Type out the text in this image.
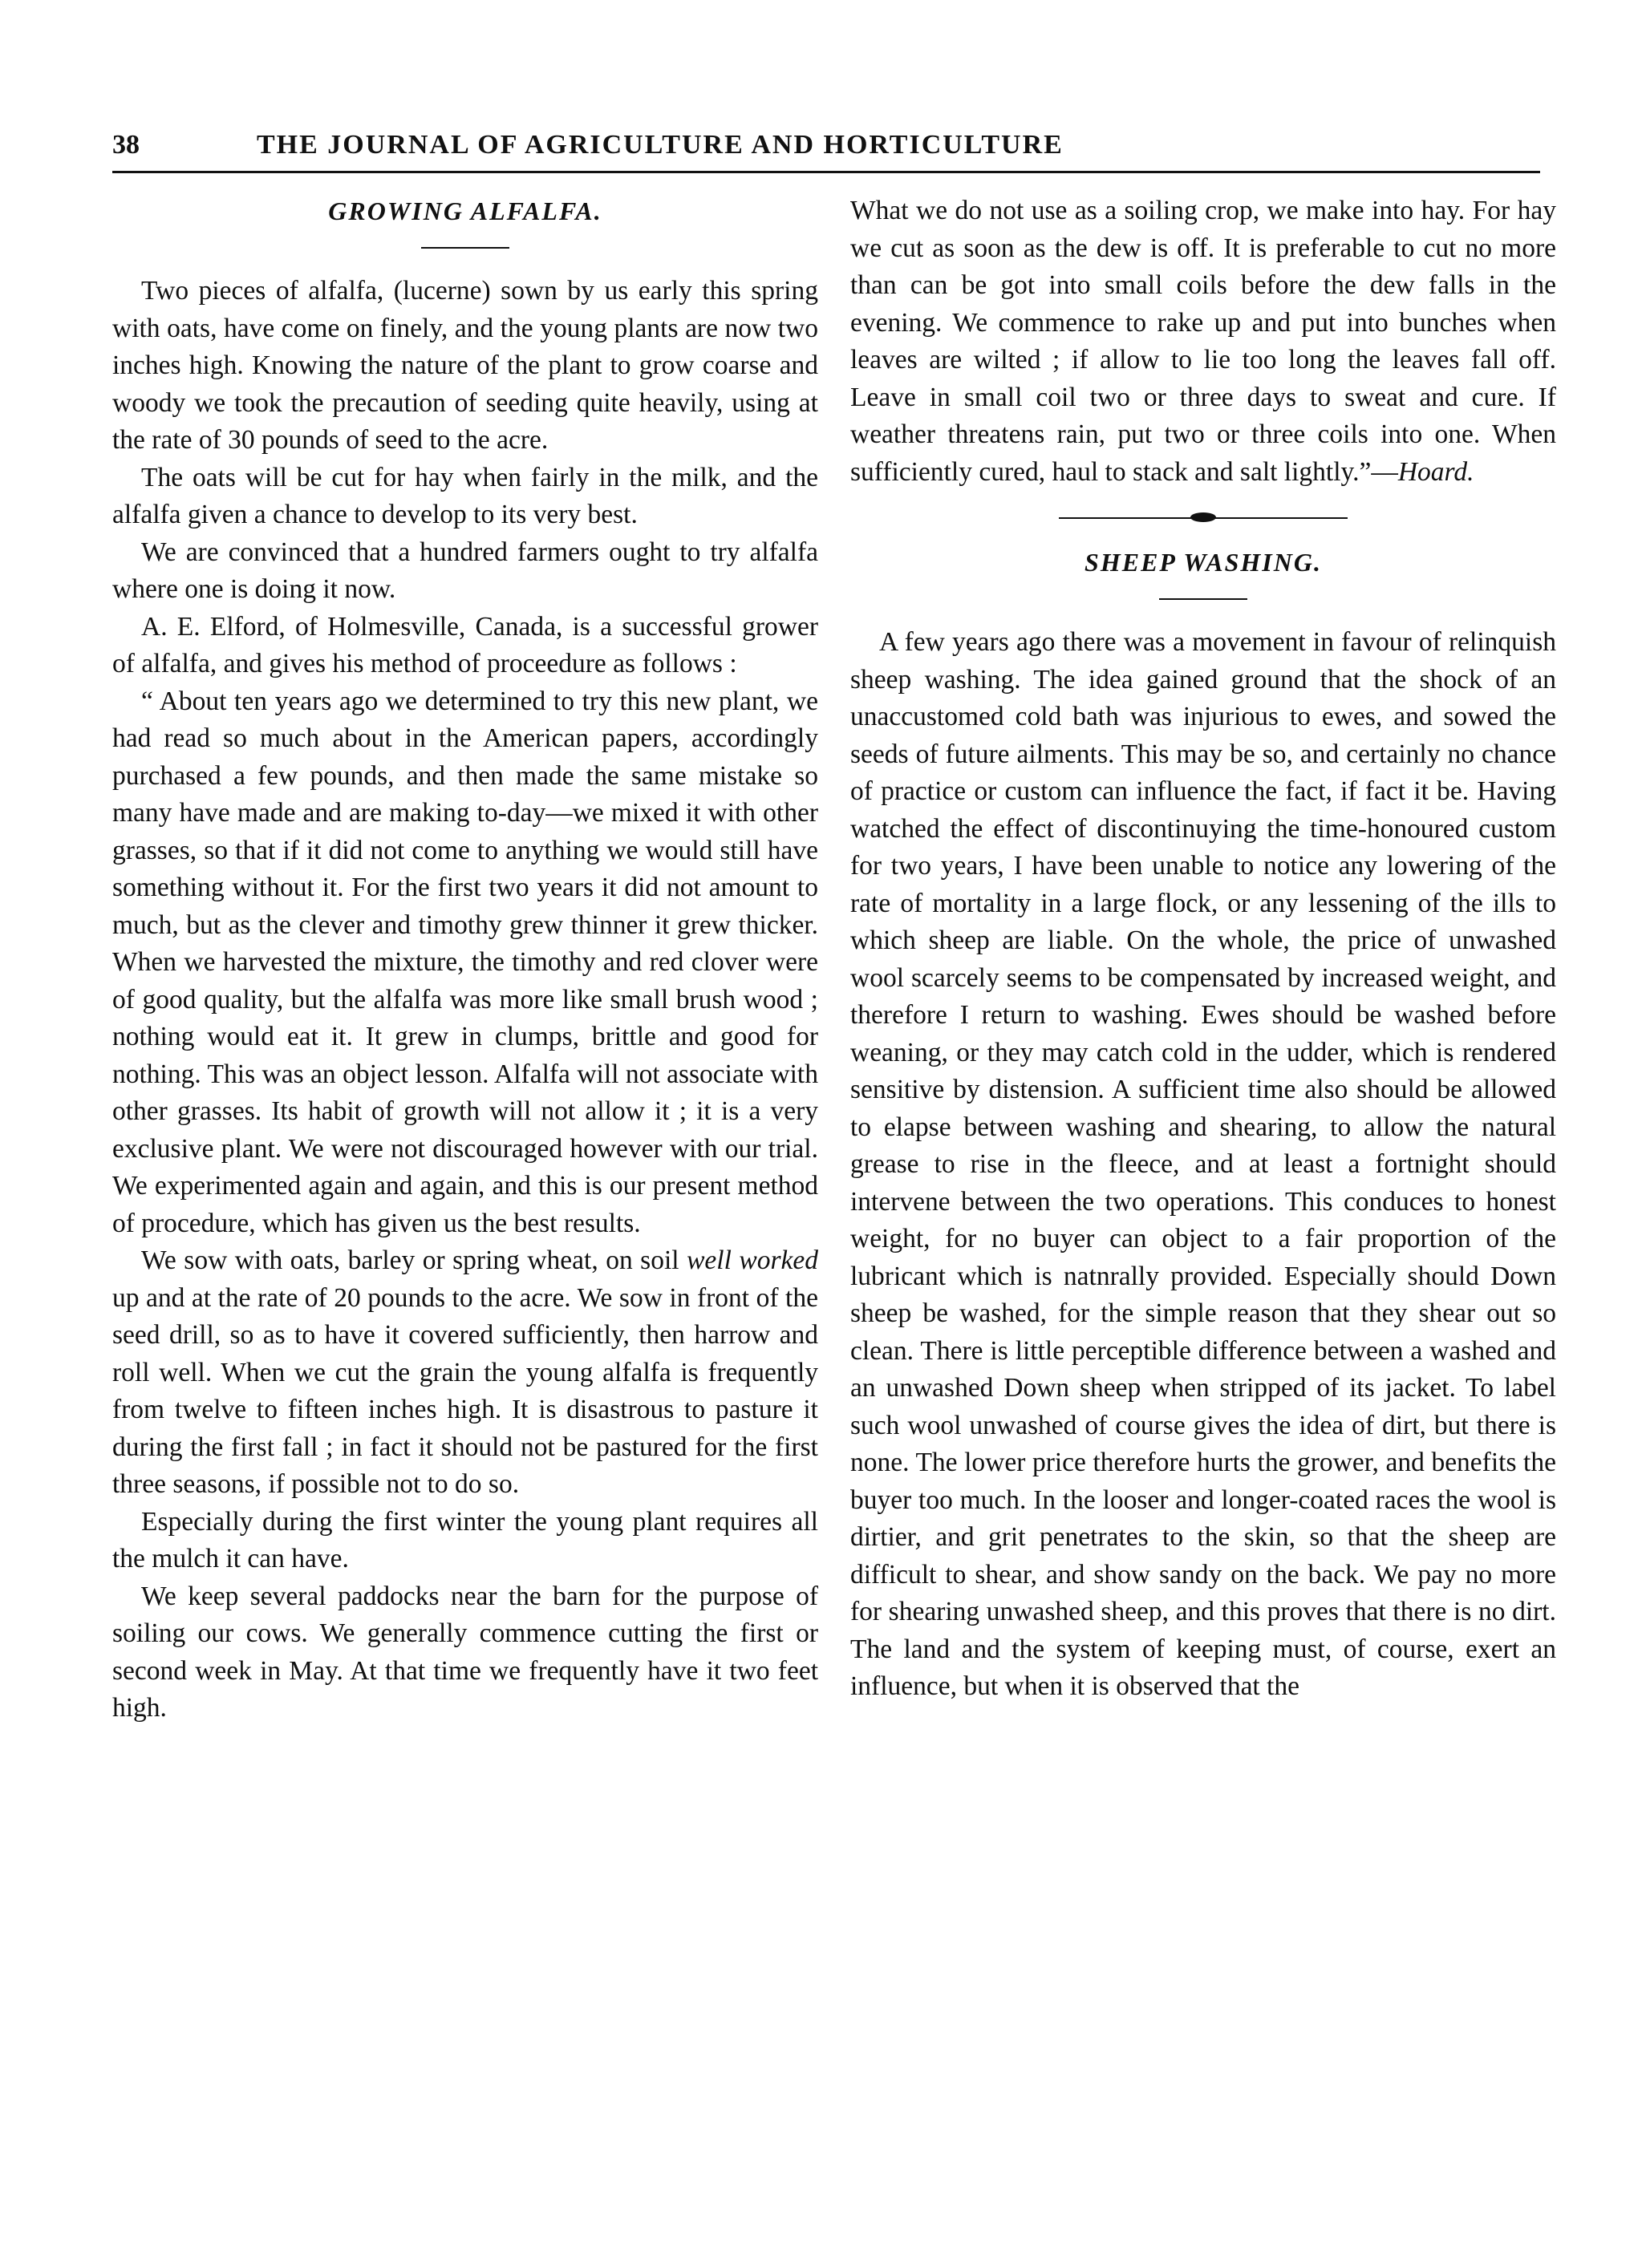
38	THE JOURNAL OF AGRICULTURE AND HORTICULTURE
GROWING ALFALFA.

Two pieces of alfalfa, (lucerne) sown by us early this spring with oats, have come on finely, and the young plants are now two inches high. Knowing the nature of the plant to grow coarse and woody we took the precaution of seeding quite heavily, using at the rate of 30 pounds of seed to the acre.

The oats will be cut for hay when fairly in the milk, and the alfalfa given a chance to develop to its very best.

We are convinced that a hundred farmers ought to try alfalfa where one is doing it now.

A. E. Elford, of Holmesville, Canada, is a successful grower of alfalfa, and gives his method of proceedure as follows :

“ About ten years ago we determined to try this new plant, we had read so much about in the American papers, accordingly purchased a few pounds, and then made the same mistake so many have made and are making to-day—we mixed it with other grasses, so that if it did not come to anything we would still have something without it. For the first two years it did not amount to much, but as the clever and timothy grew thinner it grew thicker. When we harvested the mixture, the timothy and red clover were of good quality, but the alfalfa was more like small brush wood ; nothing would eat it. It grew in clumps, brittle and good for nothing. This was an object lesson. Alfalfa will not associate with other grasses. Its habit of growth will not allow it ; it is a very exclusive plant. We were not discouraged however with our trial. We experimented again and again, and this is our present method of procedure, which has given us the best results.

We sow with oats, barley or spring wheat, on soil well worked up and at the rate of 20 pounds to the acre. We sow in front of the seed drill, so as to have it covered sufficiently, then harrow and roll well. When we cut the grain the young alfalfa is frequently from twelve to fifteen inches high. It is disastrous to pasture it during the first fall ; in fact it should not be pastured for the first three seasons, if possible not to do so.

Especially during the first winter the young plant requires all the mulch it can have.

We keep several paddocks near the barn for the purpose of soiling our cows. We generally commence cutting the first or second week in May. At that time we frequently have it two feet high.

What we do not use as a soiling crop, we make into hay. For hay we cut as soon as the dew is off. It is preferable to cut no more than can be got into small coils before the dew falls in the evening. We commence to rake up and put into bunches when leaves are wilted ; if allow to lie too long the leaves fall off. Leave in small coil two or three days to sweat and cure. If weather threatens rain, put two or three coils into one. When sufficiently cured, haul to stack and salt lightly.”—Hoard.

SHEEP WASHING.

A few years ago there was a movement in favour of relinquish sheep washing. The idea gained ground that the shock of an unaccustomed cold bath was injurious to ewes, and sowed the seeds of future ailments. This may be so, and certainly no chance of practice or custom can influence the fact, if fact it be. Having watched the effect of discontinuying the time-honoured custom for two years, I have been unable to notice any lowering of the rate of mortality in a large flock, or any lessening of the ills to which sheep are liable. On the whole, the price of unwashed wool scarcely seems to be compensated by increased weight, and therefore I return to washing. Ewes should be washed before weaning, or they may catch cold in the udder, which is rendered sensitive by distension. A sufficient time also should be allowed to elapse between washing and shearing, to allow the natural grease to rise in the fleece, and at least a fortnight should intervene between the two operations. This conduces to honest weight, for no buyer can object to a fair proportion of the lubricant which is natnrally provided. Especially should Down sheep be washed, for the simple reason that they shear out so clean. There is little perceptible difference between a washed and an unwashed Down sheep when stripped of its jacket. To label such wool unwashed of course gives the idea of dirt, but there is none. The lower price therefore hurts the grower, and benefits the buyer too much. In the looser and longer-coated races the wool is dirtier, and grit penetrates to the skin, so that the sheep are difficult to shear, and show sandy on the back. We pay no more for shearing unwashed sheep, and this proves that there is no dirt. The land and the system of keeping must, of course, exert an influence, but when it is observed that the
